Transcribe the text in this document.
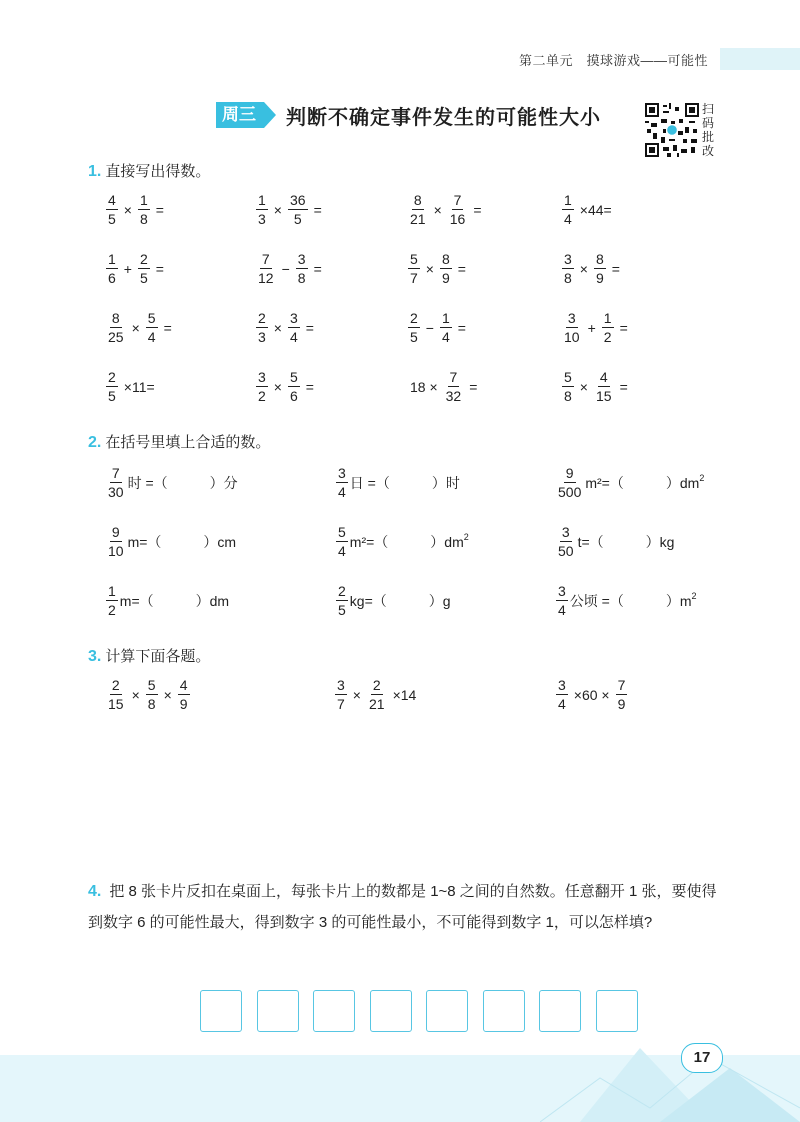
第二单元　摸球游戏——可能性
周三	判断不确定事件发生的可能性大小	扫码批改
1. 直接写出得数。
$\frac{4}{5} \times \frac{1}{8}$ =	$\frac{1}{3} \times \frac{36}{5}$ =	$\frac{8}{21} \times \frac{7}{16}$ =	$\frac{1}{4} \times 44=$
$\frac{1}{6} + \frac{2}{5}$ =	$\frac{7}{12} - \frac{3}{8}$ =	$\frac{5}{7} \times \frac{8}{9}$ =	$\frac{3}{8} \times \frac{8}{9}$ =
$\frac{8}{25} \times \frac{5}{4}$ =	$\frac{2}{3} \times \frac{3}{4}$ =	$\frac{2}{5} - \frac{1}{4}$ =	$\frac{3}{10} + \frac{1}{2}$ =
$\frac{2}{5} \times 11=$	$\frac{3}{2} \times \frac{5}{6}$ =	$18 \times \frac{7}{32}$ =	$\frac{5}{8} \times \frac{4}{15}$ =
2. 在括号里填上合适的数。
$\frac{7}{30}$ 时 =（	）分	$\frac{3}{4}$ 日 =（	）时	$\frac{9}{500} m^2=$（	）dm 2
$\frac{9}{10} m=$（	）cm	$\frac{5}{4} m^2=$（	）dm 2	$\frac{3}{50} t=$（	）kg
$\frac{1}{2} m=$（	）dm	$\frac{2}{5} kg=$（	）g	$\frac{3}{4}$ 公顷 =（	）m 2
3. 计算下面各题。
$\frac{2}{15} \times \frac{5}{8} \times \frac{4}{9}$	$\frac{3}{7} \times \frac{2}{21} \times 14$	$\frac{3}{4} \times 60 \times \frac{7}{9}$
4. 把 8 张卡片反扣在桌面上，每张卡片上的数都是 1~8 之间的自然数。任意翻开 1 张，要使得到数字 6 的可能性最大，得到数字 3 的可能性最小，不可能得到数字 1，可以怎样填?
17
